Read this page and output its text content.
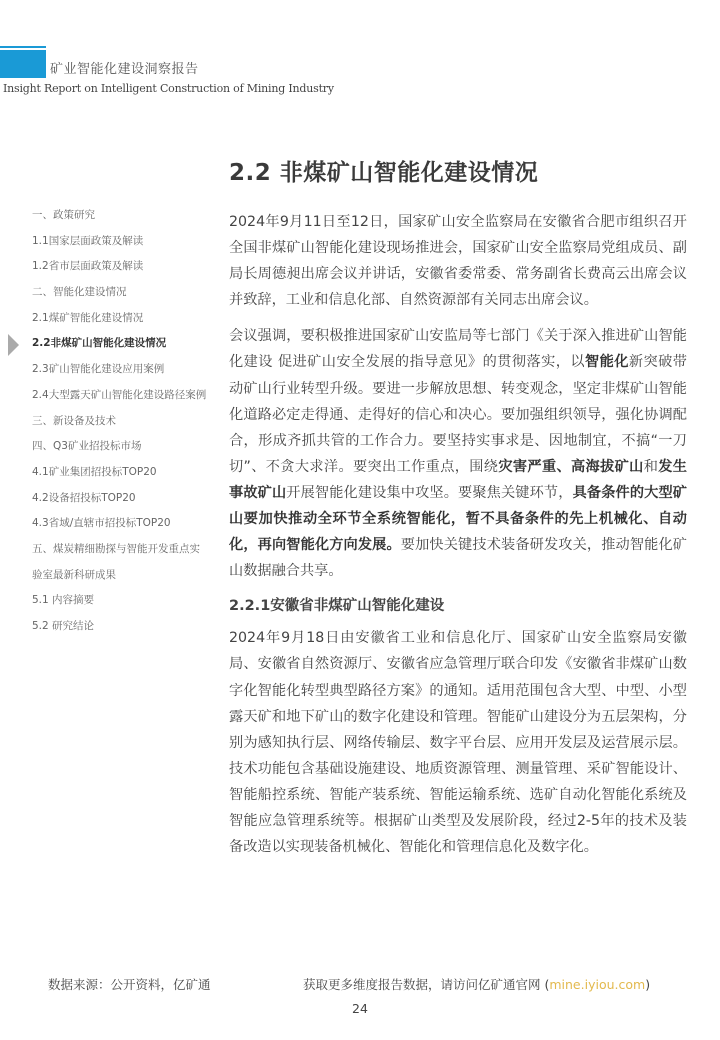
矿业智能化建设洞察报告
Insight Report on Intelligent Construction of Mining Industry
一、政策研究
1.1国家层面政策及解读
1.2省市层面政策及解读
二、智能化建设情况
2.1煤矿智能化建设情况
2.2非煤矿山智能化建设情况
2.3矿山智能化建设应用案例
2.4大型露天矿山智能化建设路径案例
三、新设备及技术
四、Q3矿业招投标市场
4.1矿业集团招投标TOP20
4.2设备招投标TOP20
4.3省域/直辖市招投标TOP20
五、煤炭精细勘探与智能开发重点实
验室最新科研成果
5.1 内容摘要
5.2 研究结论
2.2 非煤矿山智能化建设情况

2024年9月11日至12日，国家矿山安全监察局在安徽省合肥市组织召开全国非煤矿山智能化建设现场推进会，国家矿山安全监察局党组成员、副局长周德昶出席会议并讲话，安徽省委常委、常务副省长费高云出席会议并致辞，工业和信息化部、自然资源部有关同志出席会议。

会议强调，要积极推进国家矿山安监局等七部门《关于深入推进矿山智能化建设 促进矿山安全发展的指导意见》的贯彻落实，以智能化新突破带动矿山行业转型升级。要进一步解放思想、转变观念，坚定非煤矿山智能化道路必定走得通、走得好的信心和决心。要加强组织领导，强化协调配合，形成齐抓共管的工作合力。要坚持实事求是、因地制宜，不搞“一刀切”、不贪大求洋。要突出工作重点，围绕灾害严重、高海拔矿山和发生事故矿山开展智能化建设集中攻坚。要聚焦关键环节，具备条件的大型矿山要加快推动全环节全系统智能化，暂不具备条件的先上机械化、自动化，再向智能化方向发展。要加快关键技术装备研发攻关，推动智能化矿山数据融合共享。

2.2.1安徽省非煤矿山智能化建设

2024年9月18日由安徽省工业和信息化厅、国家矿山安全监察局安徽局、安徽省自然资源厅、安徽省应急管理厅联合印发《安徽省非煤矿山数字化智能化转型典型路径方案》的通知。适用范围包含大型、中型、小型露天矿和地下矿山的数字化建设和管理。智能矿山建设分为五层架构，分别为感知执行层、网络传输层、数字平台层、应用开发层及运营展示层。技术功能包含基础设施建设、地质资源管理、测量管理、采矿智能设计、智能船控系统、智能产装系统、智能运输系统、选矿自动化智能化系统及智能应急管理系统等。根据矿山类型及发展阶段，经过2-5年的技术及装备改造以实现装备机械化、智能化和管理信息化及数字化。

数据来源：公开资料，亿矿通	获取更多维度报告数据，请访问亿矿通官网 (mine.iyiou.com)
24
